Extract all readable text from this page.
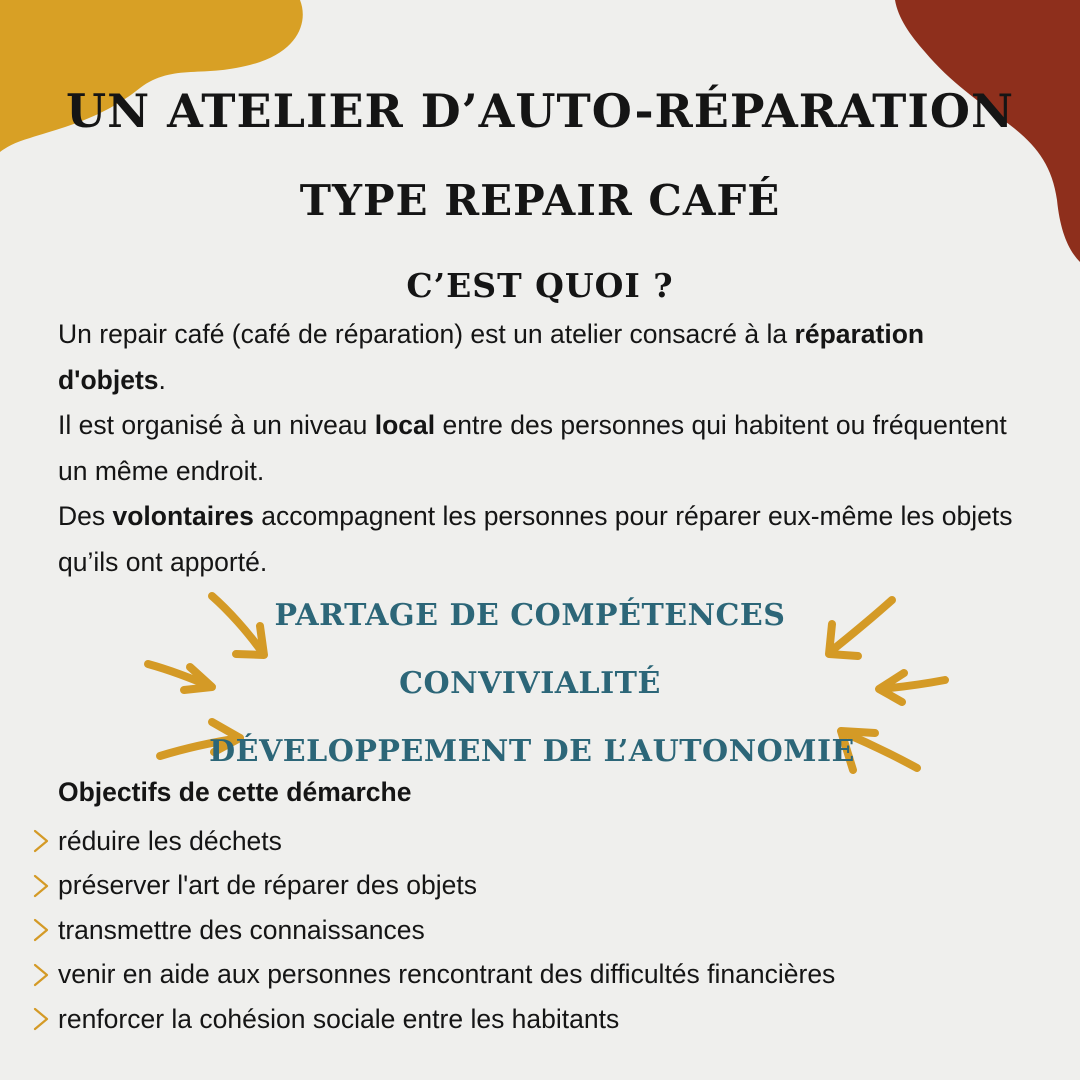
UN ATELIER D’AUTO-RÉPARATION
TYPE REPAIR CAFÉ
C’EST QUOI ?

Un repair café (café de réparation) est un atelier consacré à la réparation d'objets.

Il est organisé à un niveau local entre des personnes qui habitent ou fréquentent un même endroit.

Des volontaires accompagnent les personnes pour réparer eux-même les objets qu’ils ont apporté.

PARTAGE DE COMPÉTENCES
CONVIVIALITÉ
DÉVELOPPEMENT DE L’AUTONOMIE
Objectifs de cette démarche
réduire les déchets
préserver l'art de réparer des objets
transmettre des connaissances
venir en aide aux personnes rencontrant des difficultés financières
renforcer la cohésion sociale entre les habitants
